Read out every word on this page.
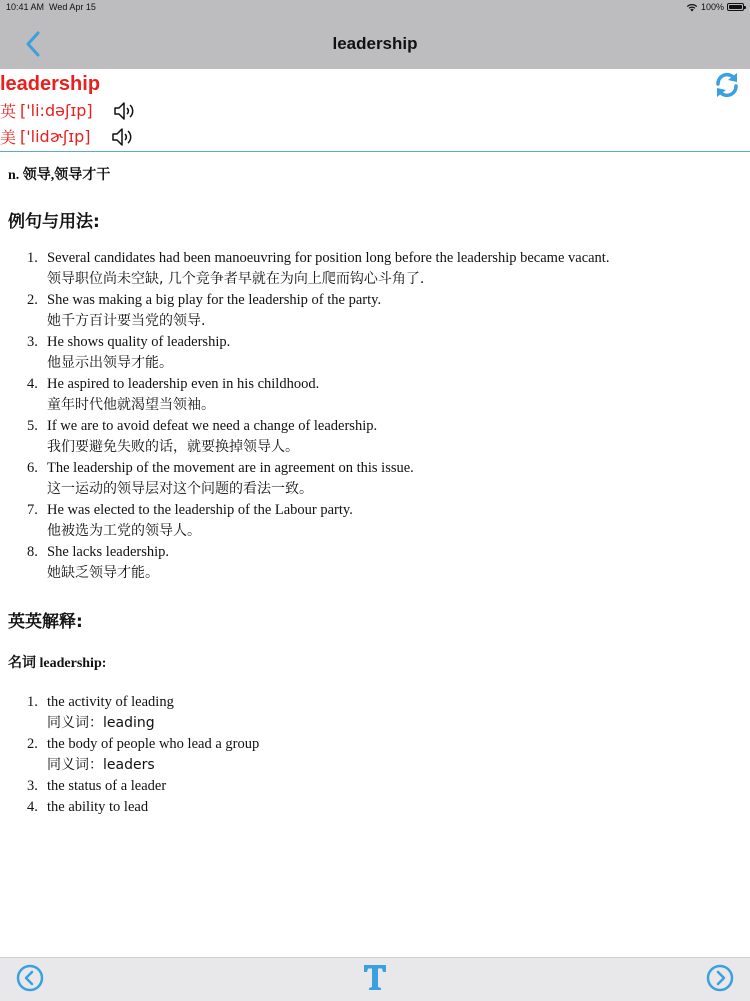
10:41 AM Wed Apr 15	100%
leadership
leadership
英 ['li:dəʃɪp]
美 ['lidɚʃɪp]
n. 领导,领导才干
例句与用法:
1. Several candidates had been manoeuvring for position long before the leadership became vacant.
领导职位尚未空缺, 几个竞争者早就在为向上爬而钩心斗角了.
2. She was making a big play for the leadership of the party.
她千方百计要当党的领导.
3. He shows quality of leadership.
他显示出领导才能。
4. He aspired to leadership even in his childhood.
童年时代他就渴望当领袖。
5. If we are to avoid defeat we need a change of leadership.
我们要避免失败的话，就要换掉领导人。
6. The leadership of the movement are in agreement on this issue.
这一运动的领导层对这个问题的看法一致。
7. He was elected to the leadership of the Labour party.
他被选为工党的领导人。
8. She lacks leadership.
她缺乏领导才能。
英英解释:
名词 leadership:
1. the activity of leading
同义词：leading
2. the body of people who lead a group
同义词：leaders
3. the status of a leader
4. the ability to lead
